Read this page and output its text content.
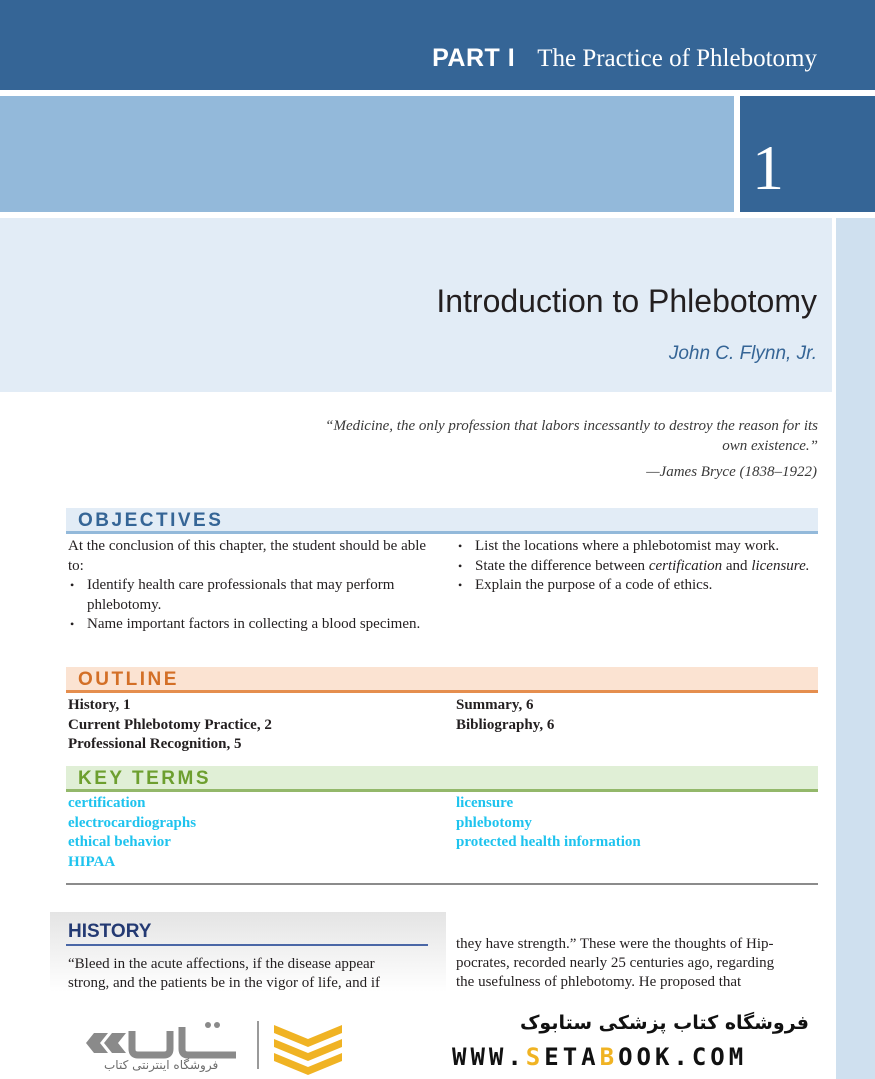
PART I The Practice of Phlebotomy
1
Introduction to Phlebotomy
John C. Flynn, Jr.
“Medicine, the only profession that labors incessantly to destroy the reason for its own existence.”
—James Bryce (1838–1922)
OBJECTIVES
At the conclusion of this chapter, the student should be able to:
• Identify health care professionals that may perform phlebotomy.
• Name important factors in collecting a blood specimen.
• List the locations where a phlebotomist may work.
• State the difference between certification and licensure.
• Explain the purpose of a code of ethics.
OUTLINE
History, 1
Current Phlebotomy Practice, 2
Professional Recognition, 5
Summary, 6
Bibliography, 6
KEY TERMS
certification
electrocardiographs
ethical behavior
HIPAA
licensure
phlebotomy
protected health information
HISTORY
“Bleed in the acute affections, if the disease appear
strong, and the patients be in the vigor of life, and if
they have strength.” These were the thoughts of Hip-
pocrates, recorded nearly 25 centuries ago, regarding
the usefulness of phlebotomy. He proposed that
فروشگاه اینترنتی کتاب
فروشگاه کتاب پزشکی ستابوک
WWW.SETABOOK.COM
